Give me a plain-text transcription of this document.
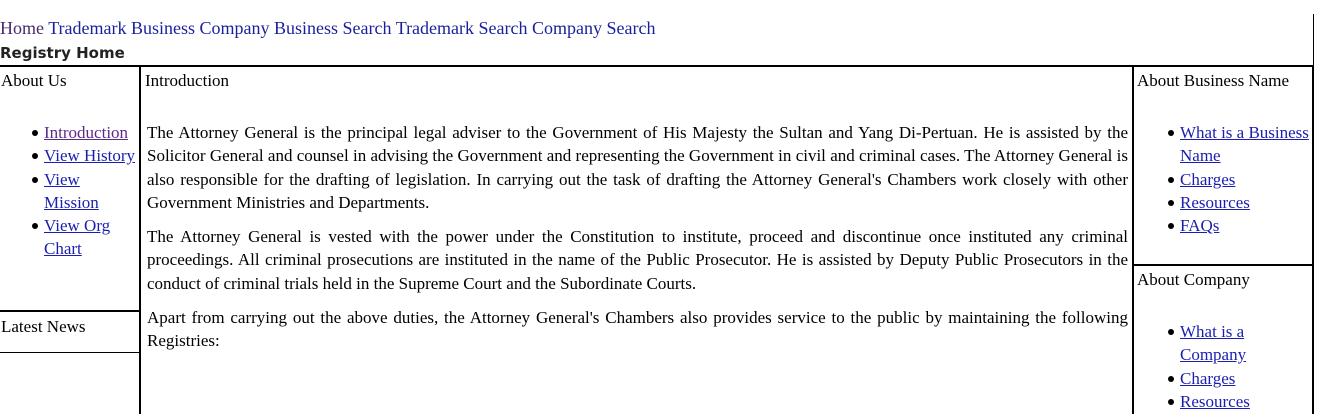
Home Trademark Business Company Business Search Trademark Search Company Search
Registry Home
About Us
Introduction
View History
View Mission
View Org Chart
Latest News
Introduction

The Attorney General is the principal legal adviser to the Government of His Majesty the Sultan and Yang Di-Pertuan. He is assisted by the Solicitor General and counsel in advising the Government and representing the Government in civil and criminal cases. The Attorney General is also responsible for the drafting of legislation. In carrying out the task of drafting the Attorney General's Chambers work closely with other Government Ministries and Departments.

The Attorney General is vested with the power under the Constitution to institute, proceed and discontinue once instituted any criminal proceedings. All criminal prosecutions are instituted in the name of the Public Prosecutor. He is assisted by Deputy Public Prosecutors in the conduct of criminal trials held in the Supreme Court and the Subordinate Courts.

Apart from carrying out the above duties, the Attorney General's Chambers also provides service to the public by maintaining the following Registries:

About Business Name
What is a Business Name
Charges
Resources
FAQs
About Company
What is a Company
Charges
Resources
